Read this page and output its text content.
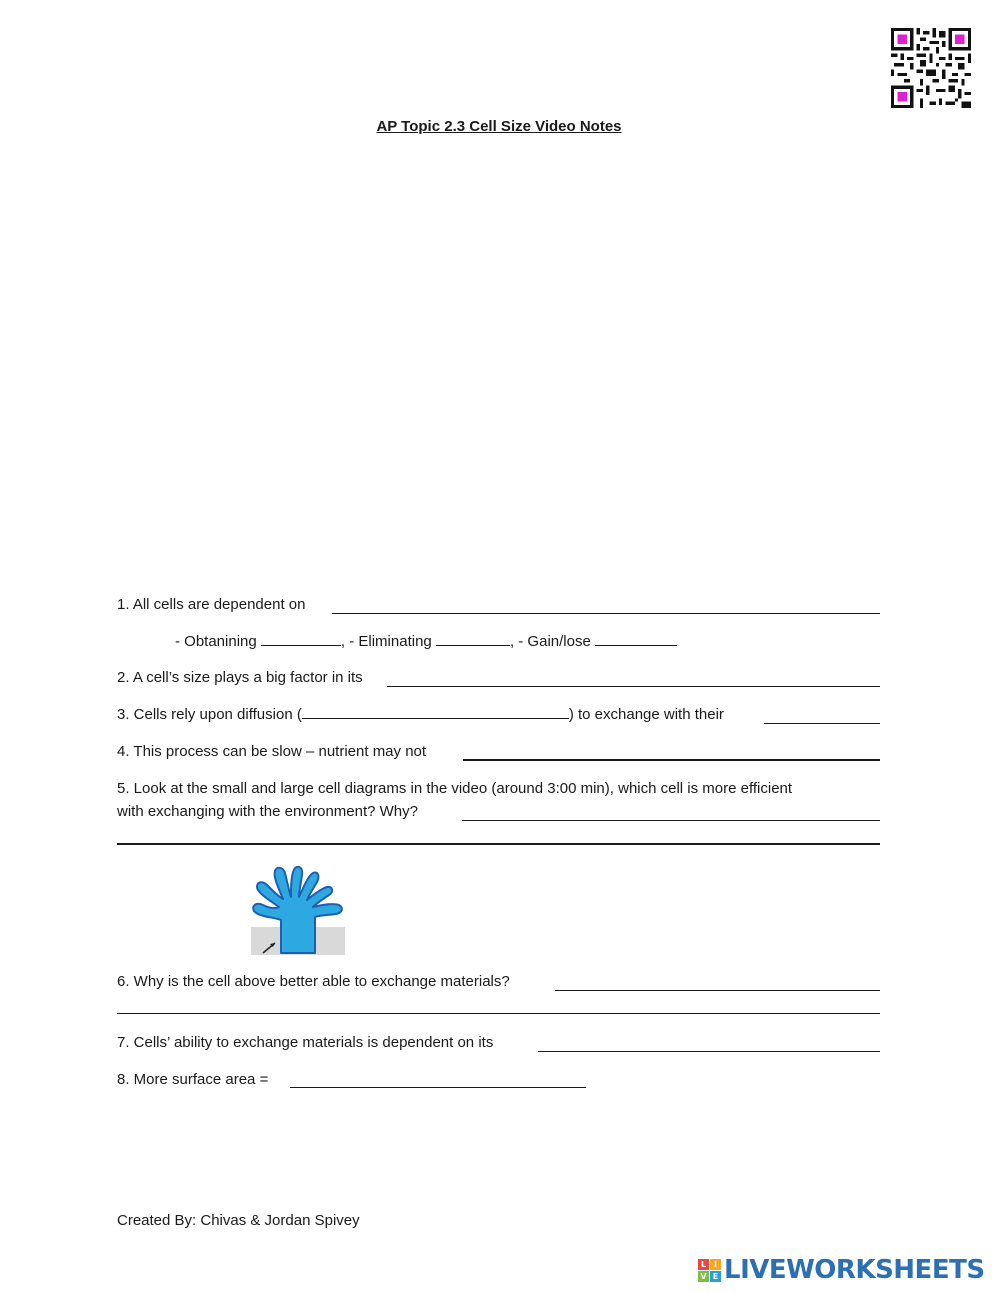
AP Topic 2.3 Cell Size Video Notes
1. All cells are dependent on
- Obtanining	, - Eliminating	, - Gain/lose
2. A cell’s size plays a big factor in its
3. Cells rely upon diffusion (	) to exchange with their
4. This process can be slow – nutrient may not
5. Look at the small and large cell diagrams in the video (around 3:00 min), which cell is more efficient
with exchanging with the environment? Why?
6. Why is the cell above better able to exchange materials?
7. Cells’ ability to exchange materials is dependent on its
8. More surface area =
Created By: Chivas & Jordan Spivey
L I
V E LIVEWORKSHEETS
